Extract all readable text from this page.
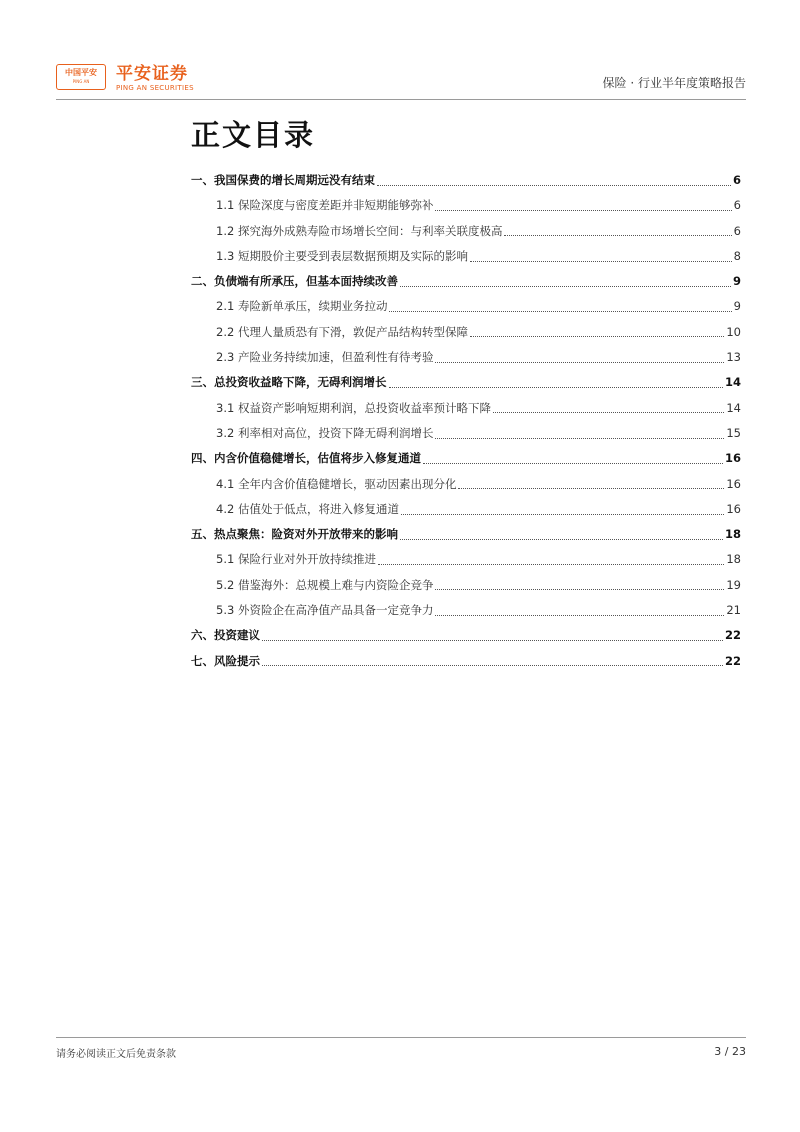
中国平安
PING AN	平安证券
PING AN SECURITIES	保险 · 行业半年度策略报告
正文目录
一、我国保费的增长周期远没有结束	6
1.1 保险深度与密度差距并非短期能够弥补	6
1.2 探究海外成熟寿险市场增长空间：与利率关联度极高	6
1.3 短期股价主要受到表层数据预期及实际的影响	8
二、负债端有所承压，但基本面持续改善	9
2.1 寿险新单承压，续期业务拉动	9
2.2 代理人量质恐有下滑，敦促产品结构转型保障	10
2.3 产险业务持续加速，但盈利性有待考验	13
三、总投资收益略下降，无碍利润增长	14
3.1 权益资产影响短期利润，总投资收益率预计略下降	14
3.2 利率相对高位，投资下降无碍利润增长	15
四、内含价值稳健增长，估值将步入修复通道	16
4.1 全年内含价值稳健增长，驱动因素出现分化	16
4.2 估值处于低点，将进入修复通道	16
五、热点聚焦：险资对外开放带来的影响	18
5.1 保险行业对外开放持续推进	18
5.2 借鉴海外：总规模上难与内资险企竞争	19
5.3 外资险企在高净值产品具备一定竞争力	21
六、投资建议	22
七、风险提示	22
请务必阅读正文后免责条款	3 / 23
